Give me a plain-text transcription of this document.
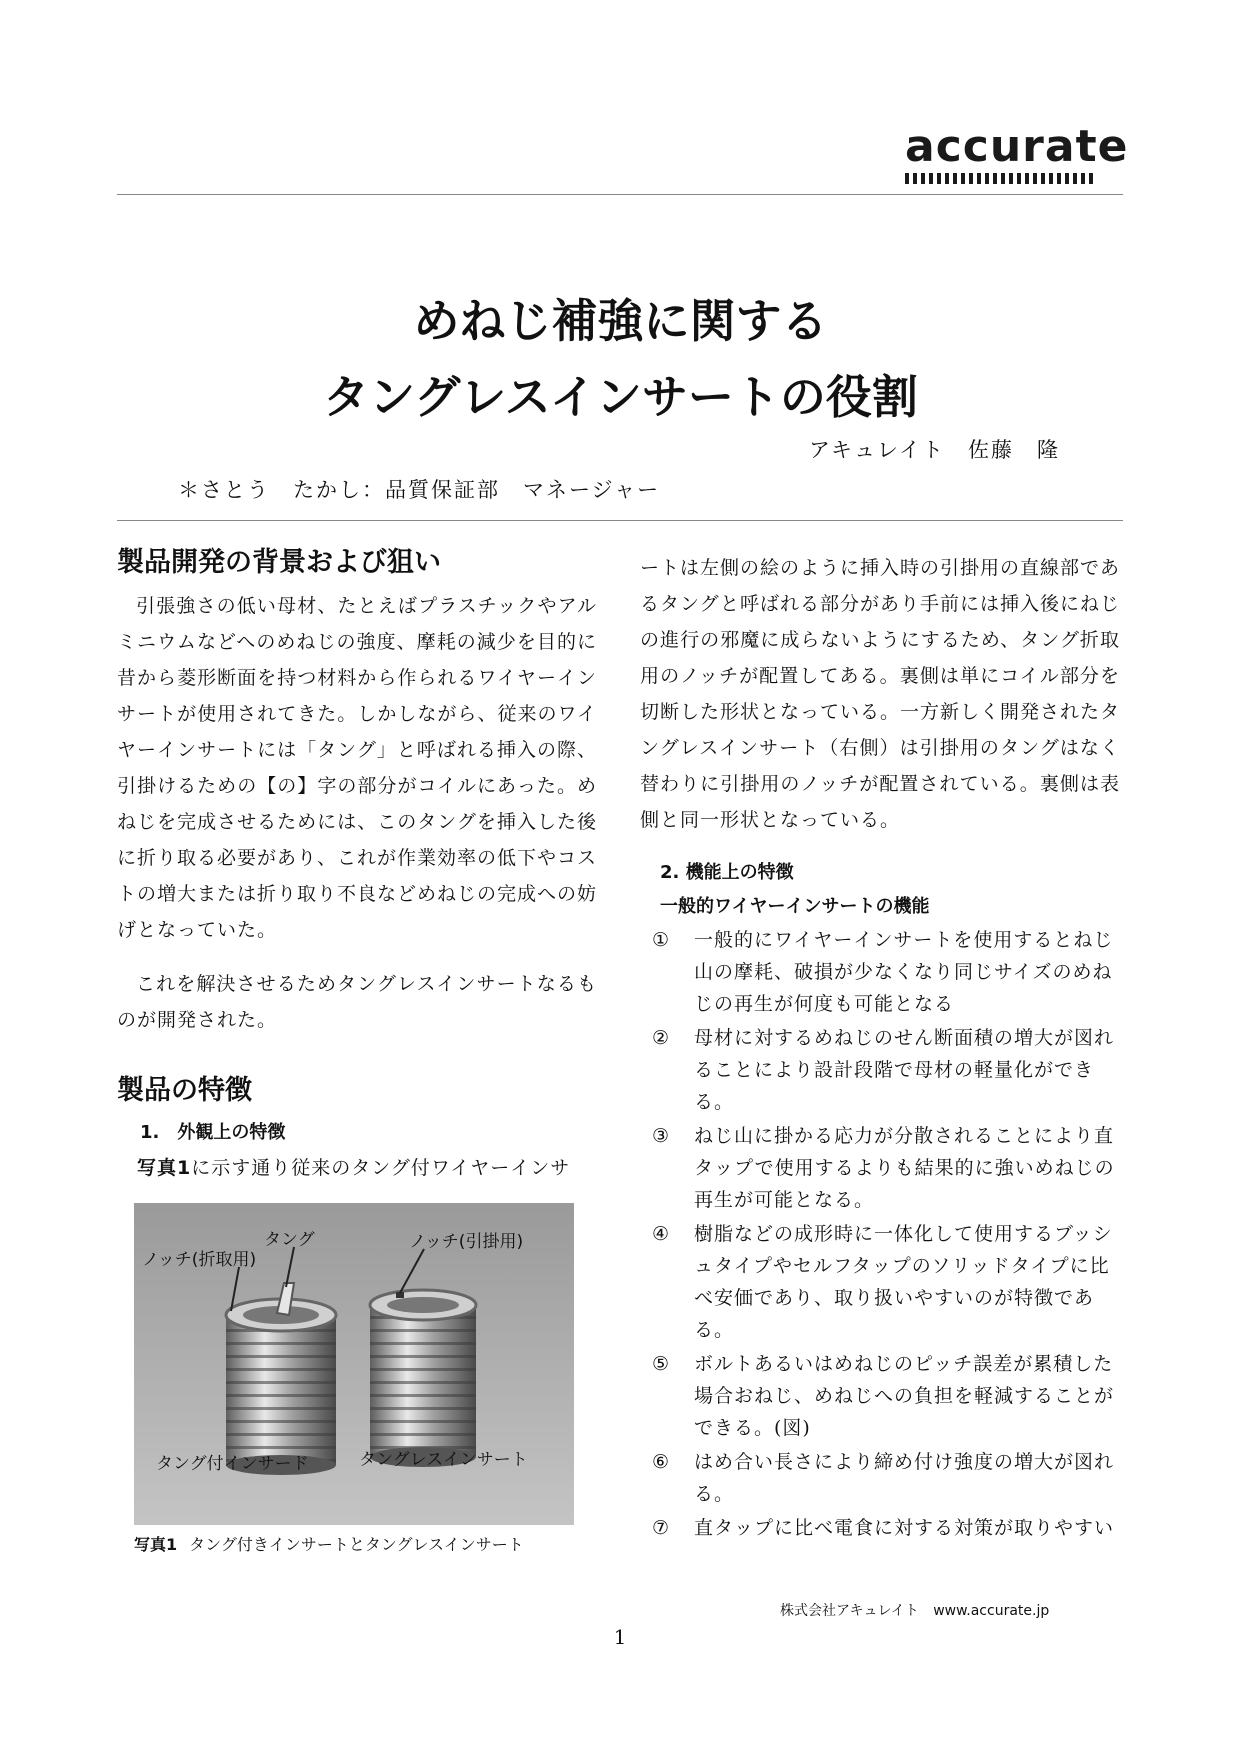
accurate
めねじ補強に関する
タングレスインサートの役割
アキュレイト　佐藤　隆
＊さとう　たかし：品質保証部　マネージャー
製品開発の背景および狙い
引張強さの低い母材、たとえばプラスチックやアルミニウムなどへのめねじの強度、摩耗の減少を目的に昔から菱形断面を持つ材料から作られるワイヤーインサートが使用されてきた。しかしながら、従来のワイヤーインサートには「タング」と呼ばれる挿入の際、引掛けるための【の】字の部分がコイルにあった。めねじを完成させるためには、このタングを挿入した後に折り取る必要があり、これが作業効率の低下やコストの増大または折り取り不良などめねじの完成への妨げとなっていた。
これを解決させるためタングレスインサートなるものが開発された。
製品の特徴
1.　外観上の特徴
写真1に示す通り従来のタング付ワイヤーインサ
タング
ノッチ(折取用)
ノッチ(引掛用)
タング付インサード	タングレスインサート
写真1 タング付きインサートとタングレスインサート
ートは左側の絵のように挿入時の引掛用の直線部であるタングと呼ばれる部分があり手前には挿入後にねじの進行の邪魔に成らないようにするため、タング折取用のノッチが配置してある。裏側は単にコイル部分を切断した形状となっている。一方新しく開発されたタングレスインサート（右側）は引掛用のタングはなく替わりに引掛用のノッチが配置されている。裏側は表側と同一形状となっている。
2. 機能上の特徴
一般的ワイヤーインサートの機能
① 一般的にワイヤーインサートを使用するとねじ山の摩耗、破損が少なくなり同じサイズのめねじの再生が何度も可能となる
② 母材に対するめねじのせん断面積の増大が図れることにより設計段階で母材の軽量化ができる。
③ ねじ山に掛かる応力が分散されることにより直タップで使用するよりも結果的に強いめねじの再生が可能となる。
④ 樹脂などの成形時に一体化して使用するブッシュタイプやセルフタップのソリッドタイプに比べ安価であり、取り扱いやすいのが特徴である。
⑤ ボルトあるいはめねじのピッチ誤差が累積した場合おねじ、めねじへの負担を軽減することができる。(図)
⑥ はめ合い長さにより締め付け強度の増大が図れる。
⑦ 直タップに比べ電食に対する対策が取りやすい
株式会社アキュレイト www.accurate.jp
1
